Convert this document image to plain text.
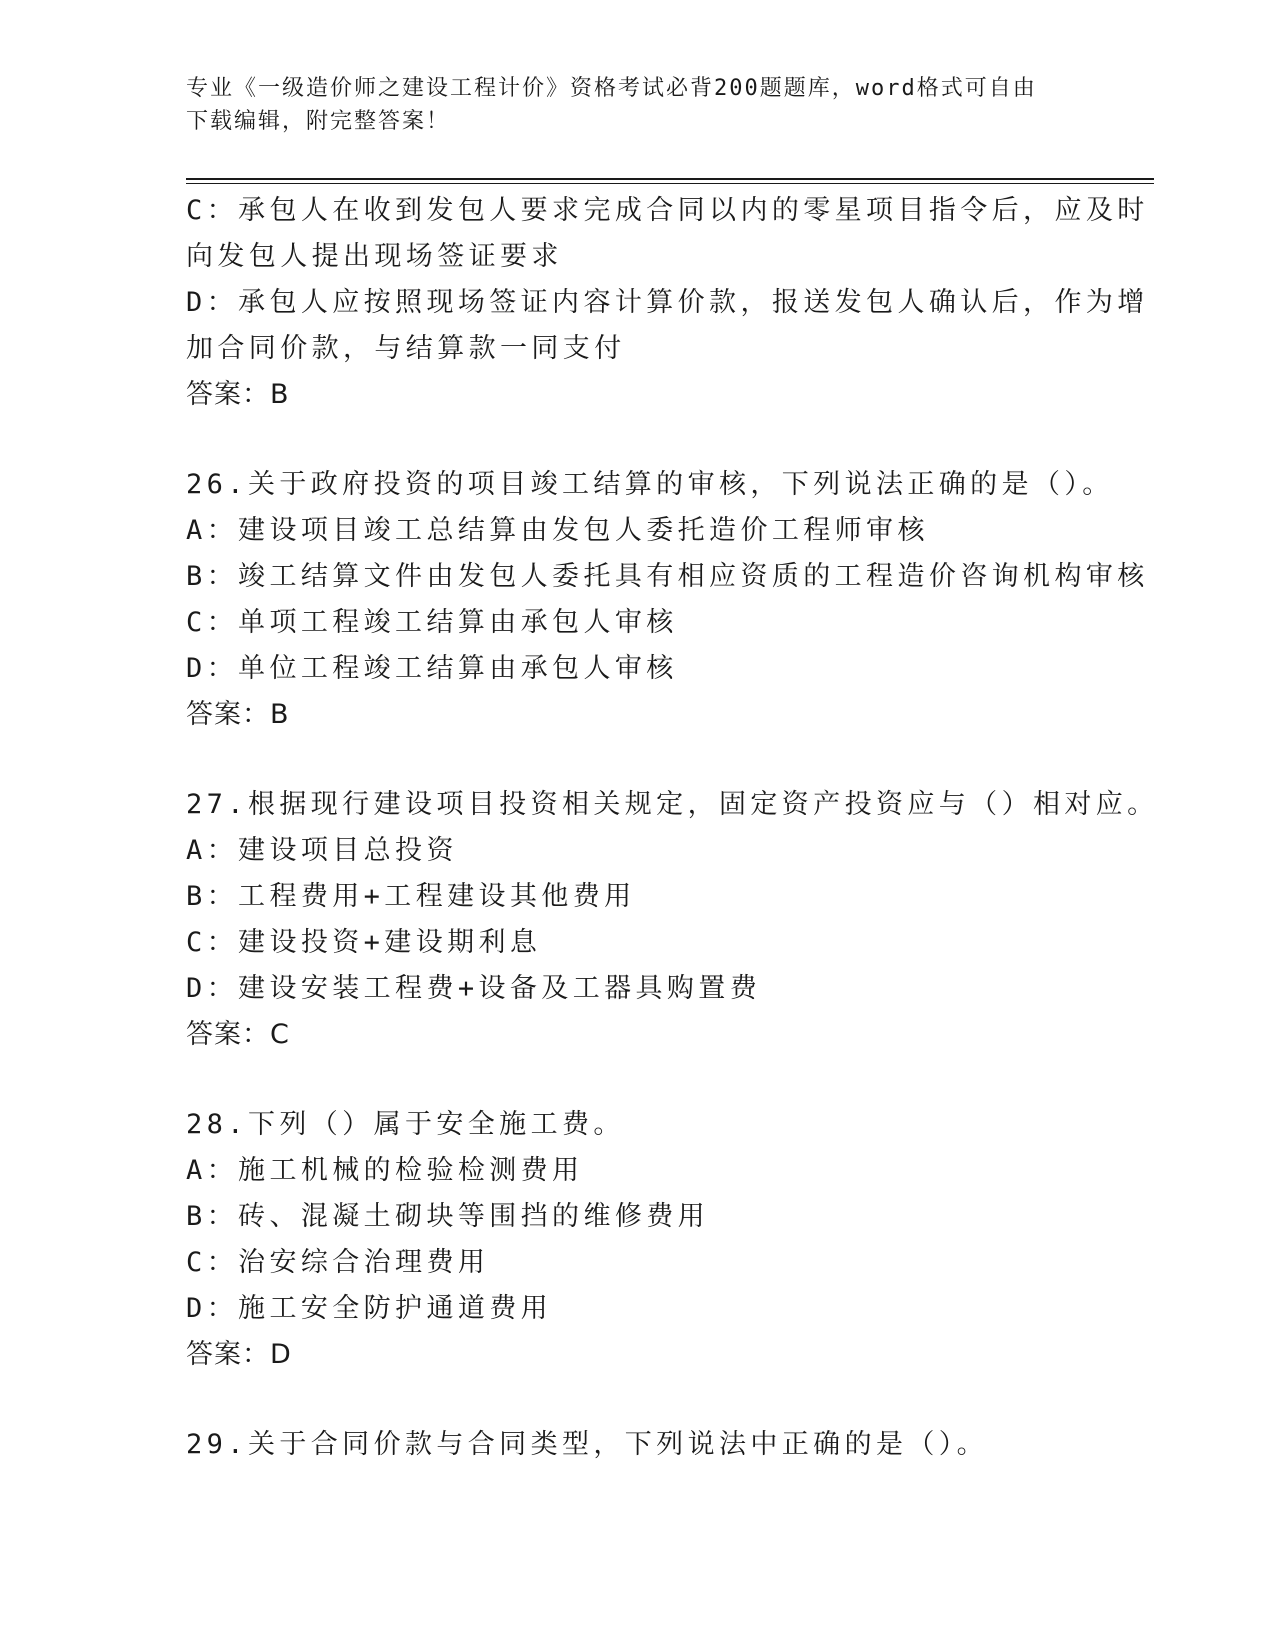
专业《一级造价师之建设工程计价》资格考试必背200题题库，word格式可自由
下载编辑，附完整答案！
C：承包人在收到发包人要求完成合同以内的零星项目指令后，应及时
向发包人提出现场签证要求
D：承包人应按照现场签证内容计算价款，报送发包人确认后，作为增
加合同价款，与结算款一同支付
答案：B
26.关于政府投资的项目竣工结算的审核，下列说法正确的是（）。
A：建设项目竣工总结算由发包人委托造价工程师审核
B：竣工结算文件由发包人委托具有相应资质的工程造价咨询机构审核
C：单项工程竣工结算由承包人审核
D：单位工程竣工结算由承包人审核
答案：B
27.根据现行建设项目投资相关规定，固定资产投资应与（）相对应。
A：建设项目总投资
B：工程费用+工程建设其他费用
C：建设投资+建设期利息
D：建设安装工程费+设备及工器具购置费
答案：C
28.下列（）属于安全施工费。
A：施工机械的检验检测费用
B：砖、混凝土砌块等围挡的维修费用
C：治安综合治理费用
D：施工安全防护通道费用
答案：D
29.关于合同价款与合同类型，下列说法中正确的是（）。
